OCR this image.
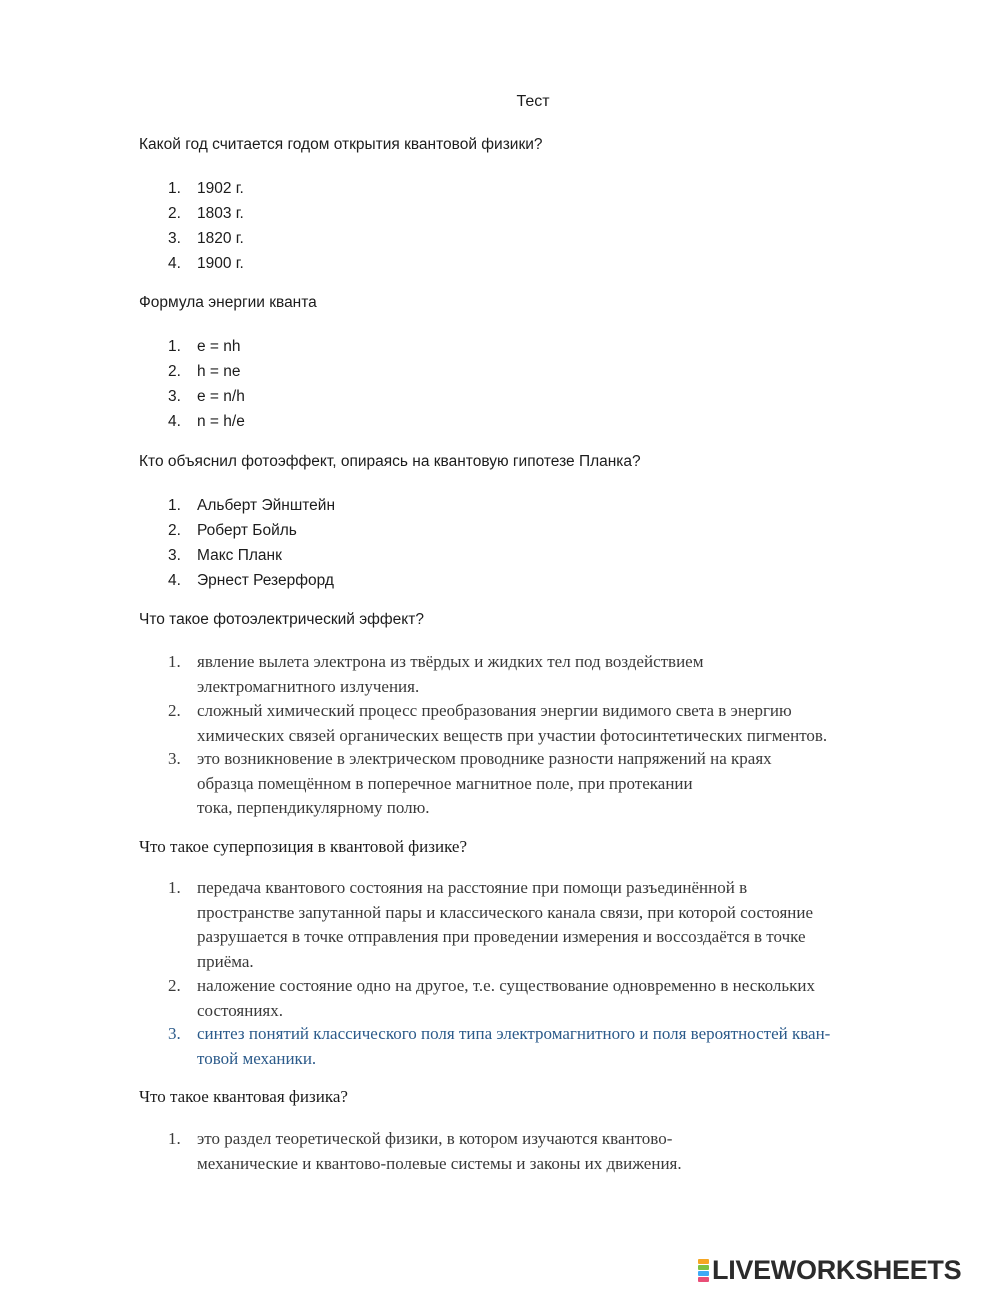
Тест
Какой год считается годом открытия квантовой физики?
1.	1902 г.
2.	1803 г.
3.	1820 г.
4.	1900 г.
Формула энергии кванта
1.	e = nh
2.	h = ne
3.	e = n/h
4.	n = h/e
Кто объяснил фотоэффект, опираясь на квантовую гипотезе Планка?
1.	Альберт Эйнштейн
2.	Роберт Бойль
3.	Макс Планк
4.	Эрнест Резерфорд
Что такое фотоэлектрический эффект?
1. явление вылета электрона из твёрдых и жидких тел под воздействием
электромагнитного излучения.
2. сложный химический процесс преобразования энергии видимого света в энергию
химических связей органических веществ при участии фотосинтетических пигментов.
3. это возникновение в электрическом проводнике разности напряжений на краях
образца помещённом в поперечное магнитное поле, при протекании
тока, перпендикулярному полю.
Что такое суперпозиция в квантовой физике?
1. передача квантового состояния на расстояние при помощи разъединённой в
пространстве запутанной пары и классического канала связи, при которой состояние
разрушается в точке отправления при проведении измерения и воссоздаётся в точке
приёма.
2. наложение состояние одно на другое, т.е. существование одновременно в нескольких
состояниях.
3. синтез понятий классического поля типа электромагнитного и поля вероятностей кван-
товой механики.
Что такое квантовая физика?
1. это раздел теоретической физики, в котором изучаются квантово-
механические и квантово-полевые системы и законы их движения.
LIVEWORKSHEETS
